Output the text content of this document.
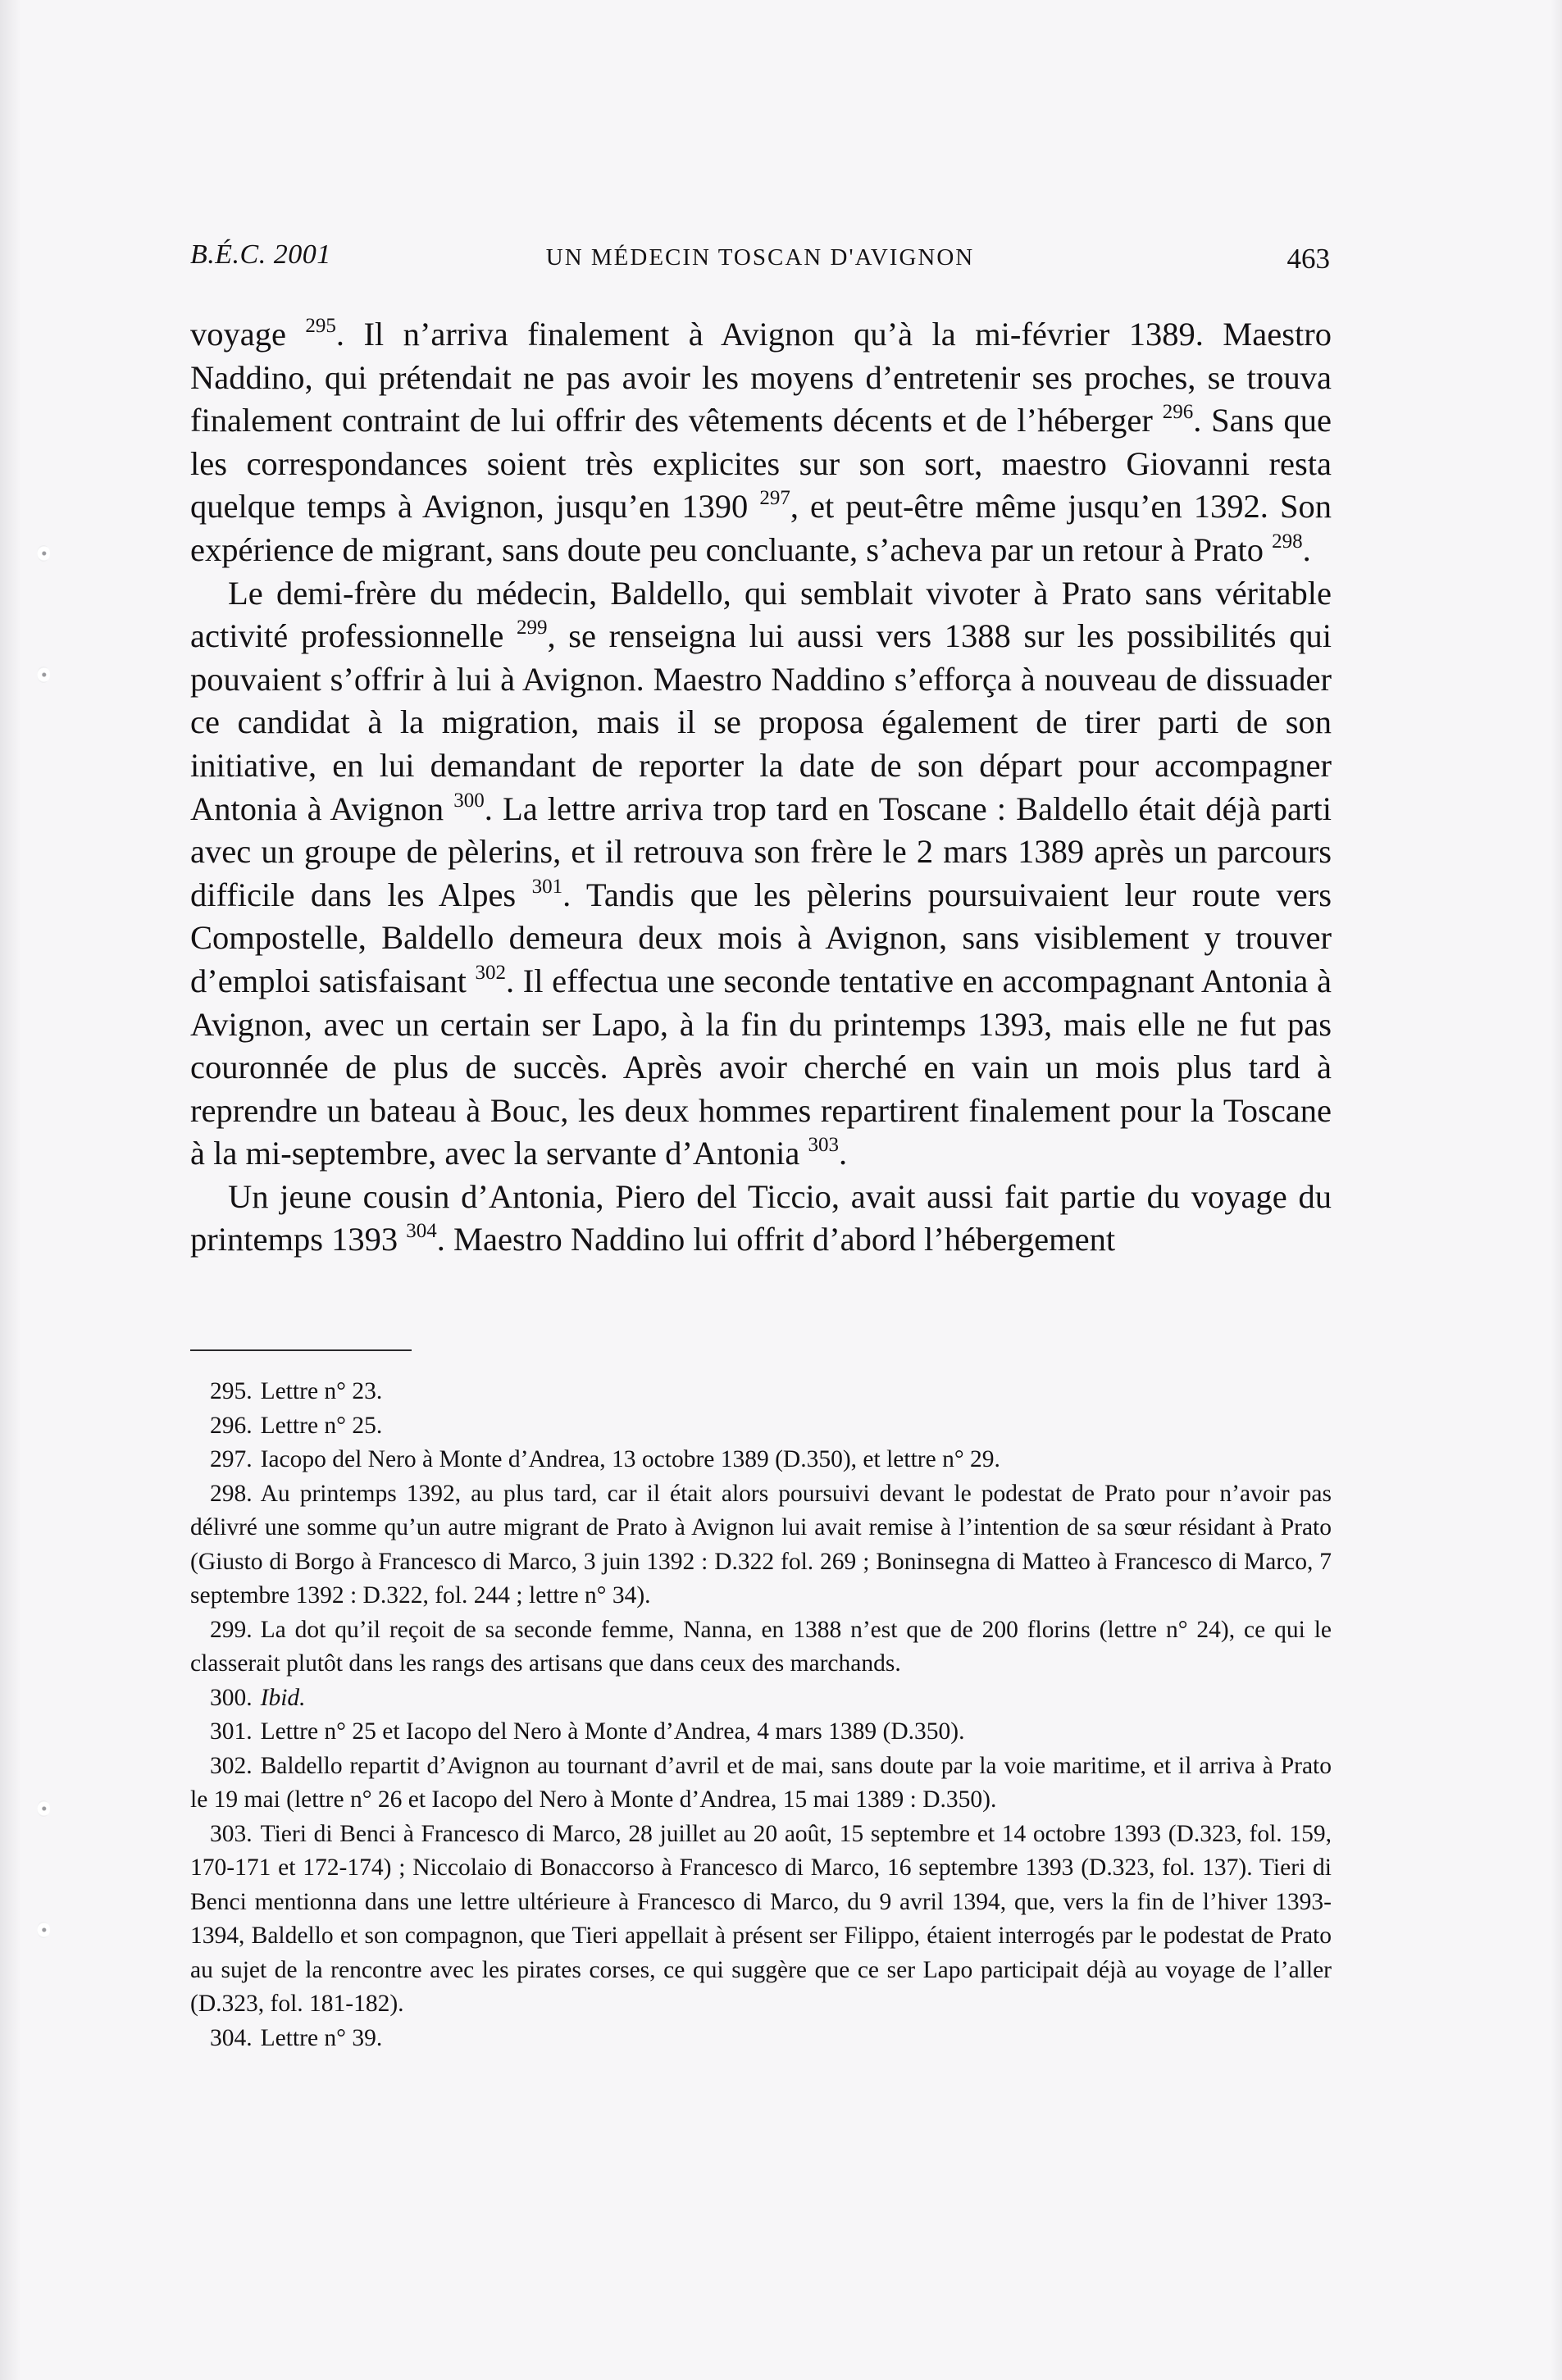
B.É.C. 2001	UN MÉDECIN TOSCAN D'AVIGNON	463

voyage $^{295}$. Il n’arriva finalement à Avignon qu’à la mi-février 1389. Maestro Naddino, qui prétendait ne pas avoir les moyens d’entretenir ses proches, se trouva finalement contraint de lui offrir des vêtements décents et de l’héberger $^{296}$. Sans que les correspondances soient très explicites sur son sort, maestro Giovanni resta quelque temps à Avignon, jusqu’en 1390 $^{297}$, et peut-être même jusqu’en 1392. Son expérience de migrant, sans doute peu concluante, s’acheva par un retour à Prato $^{298}$.

Le demi-frère du médecin, Baldello, qui semblait vivoter à Prato sans véritable activité professionnelle $^{299}$, se renseigna lui aussi vers 1388 sur les possibilités qui pouvaient s’offrir à lui à Avignon. Maestro Naddino s’efforça à nouveau de dissuader ce candidat à la migration, mais il se proposa également de tirer parti de son initiative, en lui demandant de reporter la date de son départ pour accompagner Antonia à Avignon $^{300}$. La lettre arriva trop tard en Toscane : Baldello était déjà parti avec un groupe de pèlerins, et il retrouva son frère le 2 mars 1389 après un parcours difficile dans les Alpes $^{301}$. Tandis que les pèlerins poursuivaient leur route vers Compostelle, Baldello demeura deux mois à Avignon, sans visiblement y trouver d’emploi satisfaisant $^{302}$. Il effectua une seconde tentative en accompagnant Antonia à Avignon, avec un certain ser Lapo, à la fin du printemps 1393, mais elle ne fut pas couronnée de plus de succès. Après avoir cherché en vain un mois plus tard à reprendre un bateau à Bouc, les deux hommes repartirent finalement pour la Toscane à la mi-septembre, avec la servante d’Antonia $^{303}$.

Un jeune cousin d’Antonia, Piero del Ticcio, avait aussi fait partie du voyage du printemps 1393 $^{304}$. Maestro Naddino lui offrit d’abord l’hébergement

295. Lettre n° 23.

296. Lettre n° 25.

297. Iacopo del Nero à Monte d’Andrea, 13 octobre 1389 (D.350), et lettre n° 29.

298. Au printemps 1392, au plus tard, car il était alors poursuivi devant le podestat de Prato pour n’avoir pas délivré une somme qu’un autre migrant de Prato à Avignon lui avait remise à l’intention de sa sœur résidant à Prato (Giusto di Borgo à Francesco di Marco, 3 juin 1392 : D.322 fol. 269 ; Boninsegna di Matteo à Francesco di Marco, 7 septembre 1392 : D.322, fol. 244 ; lettre n° 34).

299. La dot qu’il reçoit de sa seconde femme, Nanna, en 1388 n’est que de 200 florins (lettre n° 24), ce qui le classerait plutôt dans les rangs des artisans que dans ceux des marchands.

300. Ibid.

301. Lettre n° 25 et Iacopo del Nero à Monte d’Andrea, 4 mars 1389 (D.350).

302. Baldello repartit d’Avignon au tournant d’avril et de mai, sans doute par la voie maritime, et il arriva à Prato le 19 mai (lettre n° 26 et Iacopo del Nero à Monte d’Andrea, 15 mai 1389 : D.350).

303. Tieri di Benci à Francesco di Marco, 28 juillet au 20 août, 15 septembre et 14 octobre 1393 (D.323, fol. 159, 170-171 et 172-174) ; Niccolaio di Bonaccorso à Francesco di Marco, 16 septembre 1393 (D.323, fol. 137). Tieri di Benci mentionna dans une lettre ultérieure à Francesco di Marco, du 9 avril 1394, que, vers la fin de l’hiver 1393-1394, Baldello et son compagnon, que Tieri appellait à présent ser Filippo, étaient interrogés par le podestat de Prato au sujet de la rencontre avec les pirates corses, ce qui suggère que ce ser Lapo participait déjà au voyage de l’aller (D.323, fol. 181-182).

304. Lettre n° 39.
